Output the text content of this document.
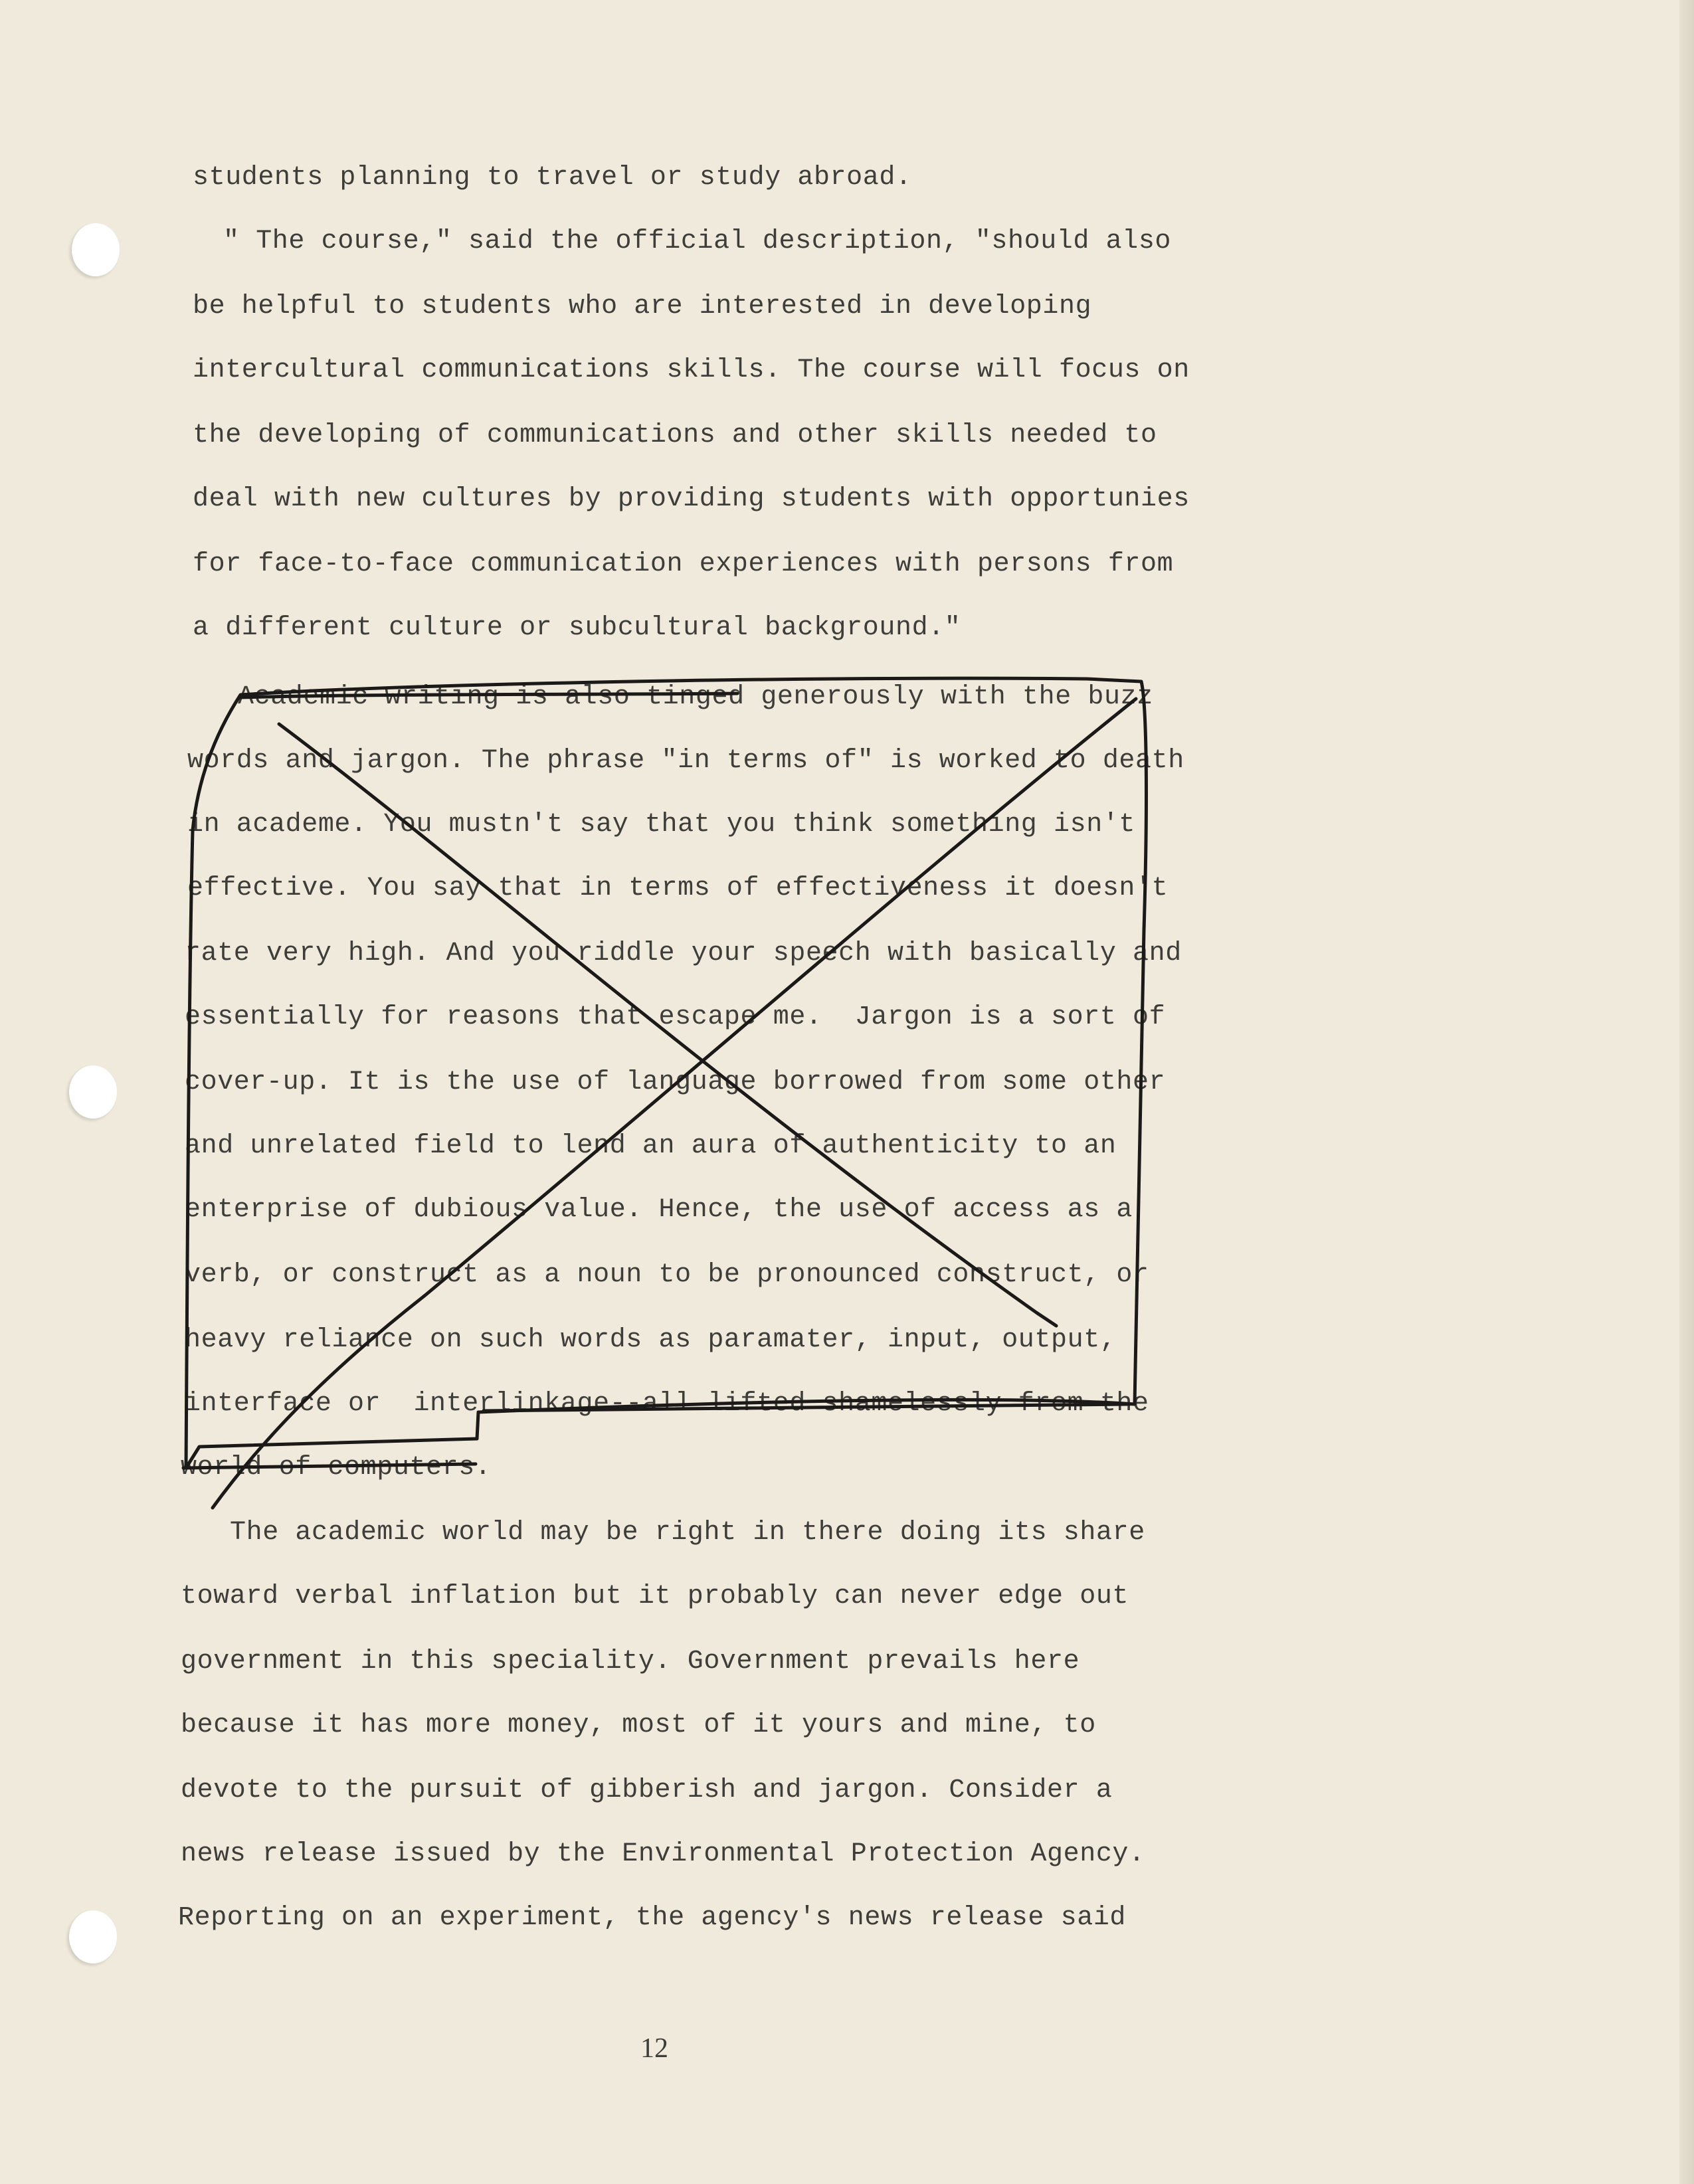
students planning to travel or study abroad.
" The course," said the official description, "should also
be helpful to students who are interested in developing
intercultural communications skills. The course will focus on
the developing of communications and other skills needed to
deal with new cultures by providing students with opportunies
for face-to-face communication experiences with persons from
a different culture or subcultural background."
Academic writing is also tinged generously with the buzz
words and jargon. The phrase "in terms of" is worked to death
in academe. You mustn't say that you think something isn't
effective. You say that in terms of effectiveness it doesn't
rate very high. And you riddle your speech with basically and
essentially for reasons that escape me.  Jargon is a sort of
cover-up. It is the use of language borrowed from some other
and unrelated field to lend an aura of authenticity to an
enterprise of dubious value. Hence, the use of access as a
verb, or construct as a noun to be pronounced construct, or
heavy reliance on such words as paramater, input, output,
interface or  interlinkage--all lifted shamelessly from the
world of computers.
The academic world may be right in there doing its share
toward verbal inflation but it probably can never edge out
government in this speciality. Government prevails here
because it has more money, most of it yours and mine, to
devote to the pursuit of gibberish and jargon. Consider a
news release issued by the Environmental Protection Agency.
Reporting on an experiment, the agency's news release said
12
